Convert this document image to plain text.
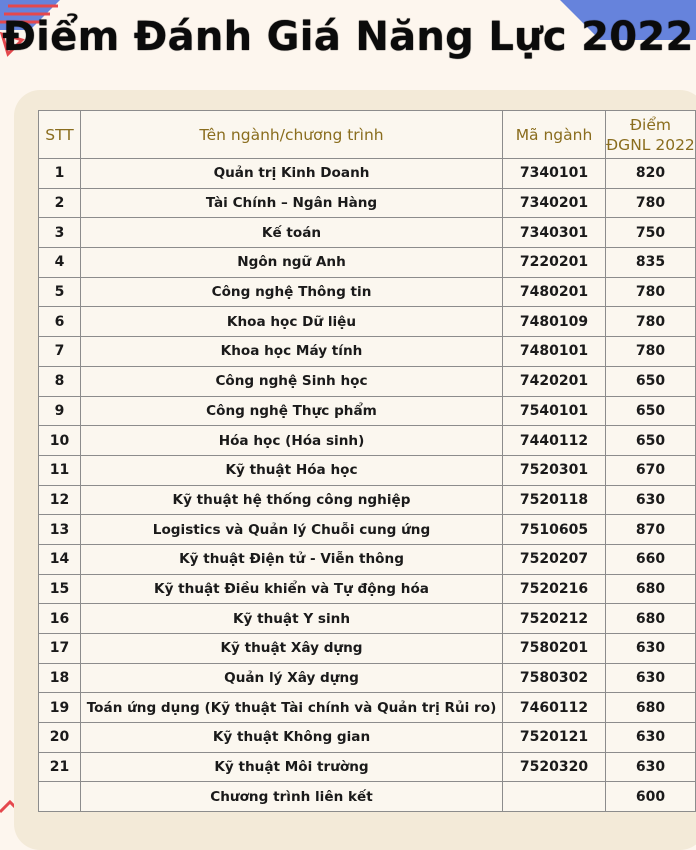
Điểm Đánh Giá Năng Lực 2022
STT	Tên ngành/chương trình	Mã ngành	Điểm ĐGNL 2022
1	Quản trị Kinh Doanh	7340101	820
2	Tài Chính – Ngân Hàng	7340201	780
3	Kế toán	7340301	750
4	Ngôn ngữ Anh	7220201	835
5	Công nghệ Thông tin	7480201	780
6	Khoa học Dữ liệu	7480109	780
7	Khoa học Máy tính	7480101	780
8	Công nghệ Sinh học	7420201	650
9	Công nghệ Thực phẩm	7540101	650
10	Hóa học (Hóa sinh)	7440112	650
11	Kỹ thuật Hóa học	7520301	670
12	Kỹ thuật hệ thống công nghiệp	7520118	630
13	Logistics và Quản lý Chuỗi cung ứng	7510605	870
14	Kỹ thuật Điện tử - Viễn thông	7520207	660
15	Kỹ thuật Điều khiển và Tự động hóa	7520216	680
16	Kỹ thuật Y sinh	7520212	680
17	Kỹ thuật Xây dựng	7580201	630
18	Quản lý Xây dựng	7580302	630
19	Toán ứng dụng (Kỹ thuật Tài chính và Quản trị Rủi ro)	7460112	680
20	Kỹ thuật Không gian	7520121	630
21	Kỹ thuật Môi trường	7520320	630
	Chương trình liên kết		600
